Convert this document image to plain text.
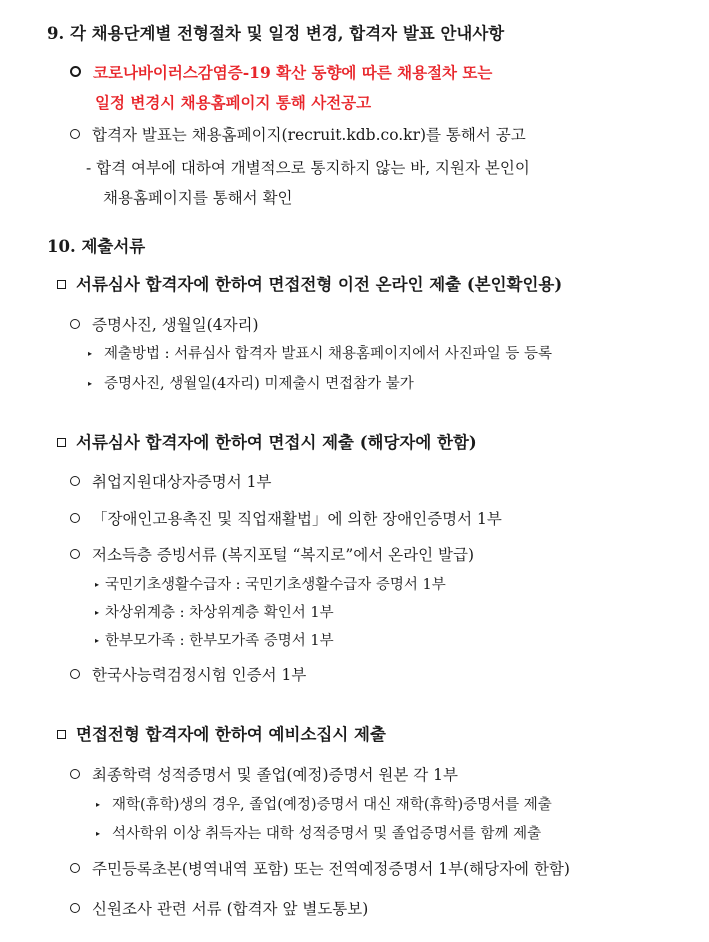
9. 각 채용단계별 전형절차 및 일정 변경, 합격자 발표 안내사항
코로나바이러스감염증-19 확산 동향에 따른 채용절차 또는
일정 변경시 채용홈페이지 통해 사전공고
합격자 발표는 채용홈페이지(recruit.kdb.co.kr)를 통해서 공고
- 합격 여부에 대하여 개별적으로 통지하지 않는 바, 지원자 본인이
채용홈페이지를 통해서 확인
10. 제출서류
서류심사 합격자에 한하여 면접전형 이전 온라인 제출 (본인확인용)
증명사진, 생월일(4자리)
▸ 제출방법 : 서류심사 합격자 발표시 채용홈페이지에서 사진파일 등 등록
▸ 증명사진, 생월일(4자리) 미제출시 면접참가 불가
서류심사 합격자에 한하여 면접시 제출 (해당자에 한함)
취업지원대상자증명서 1부
「장애인고용촉진 및 직업재활법」에 의한 장애인증명서 1부
저소득층 증빙서류 (복지포털 “복지로”에서 온라인 발급)
▸ 국민기초생활수급자 : 국민기초생활수급자 증명서 1부
▸ 차상위계층 : 차상위계층 확인서 1부
▸ 한부모가족 : 한부모가족 증명서 1부
한국사능력검정시험 인증서 1부
면접전형 합격자에 한하여 예비소집시 제출
최종학력 성적증명서 및 졸업(예정)증명서 원본 각 1부
▸ 재학(휴학)생의 경우, 졸업(예정)증명서 대신 재학(휴학)증명서를 제출
▸ 석사학위 이상 취득자는 대학 성적증명서 및 졸업증명서를 함께 제출
주민등록초본(병역내역 포함) 또는 전역예정증명서 1부(해당자에 한함)
신원조사 관련 서류 (합격자 앞 별도통보)
